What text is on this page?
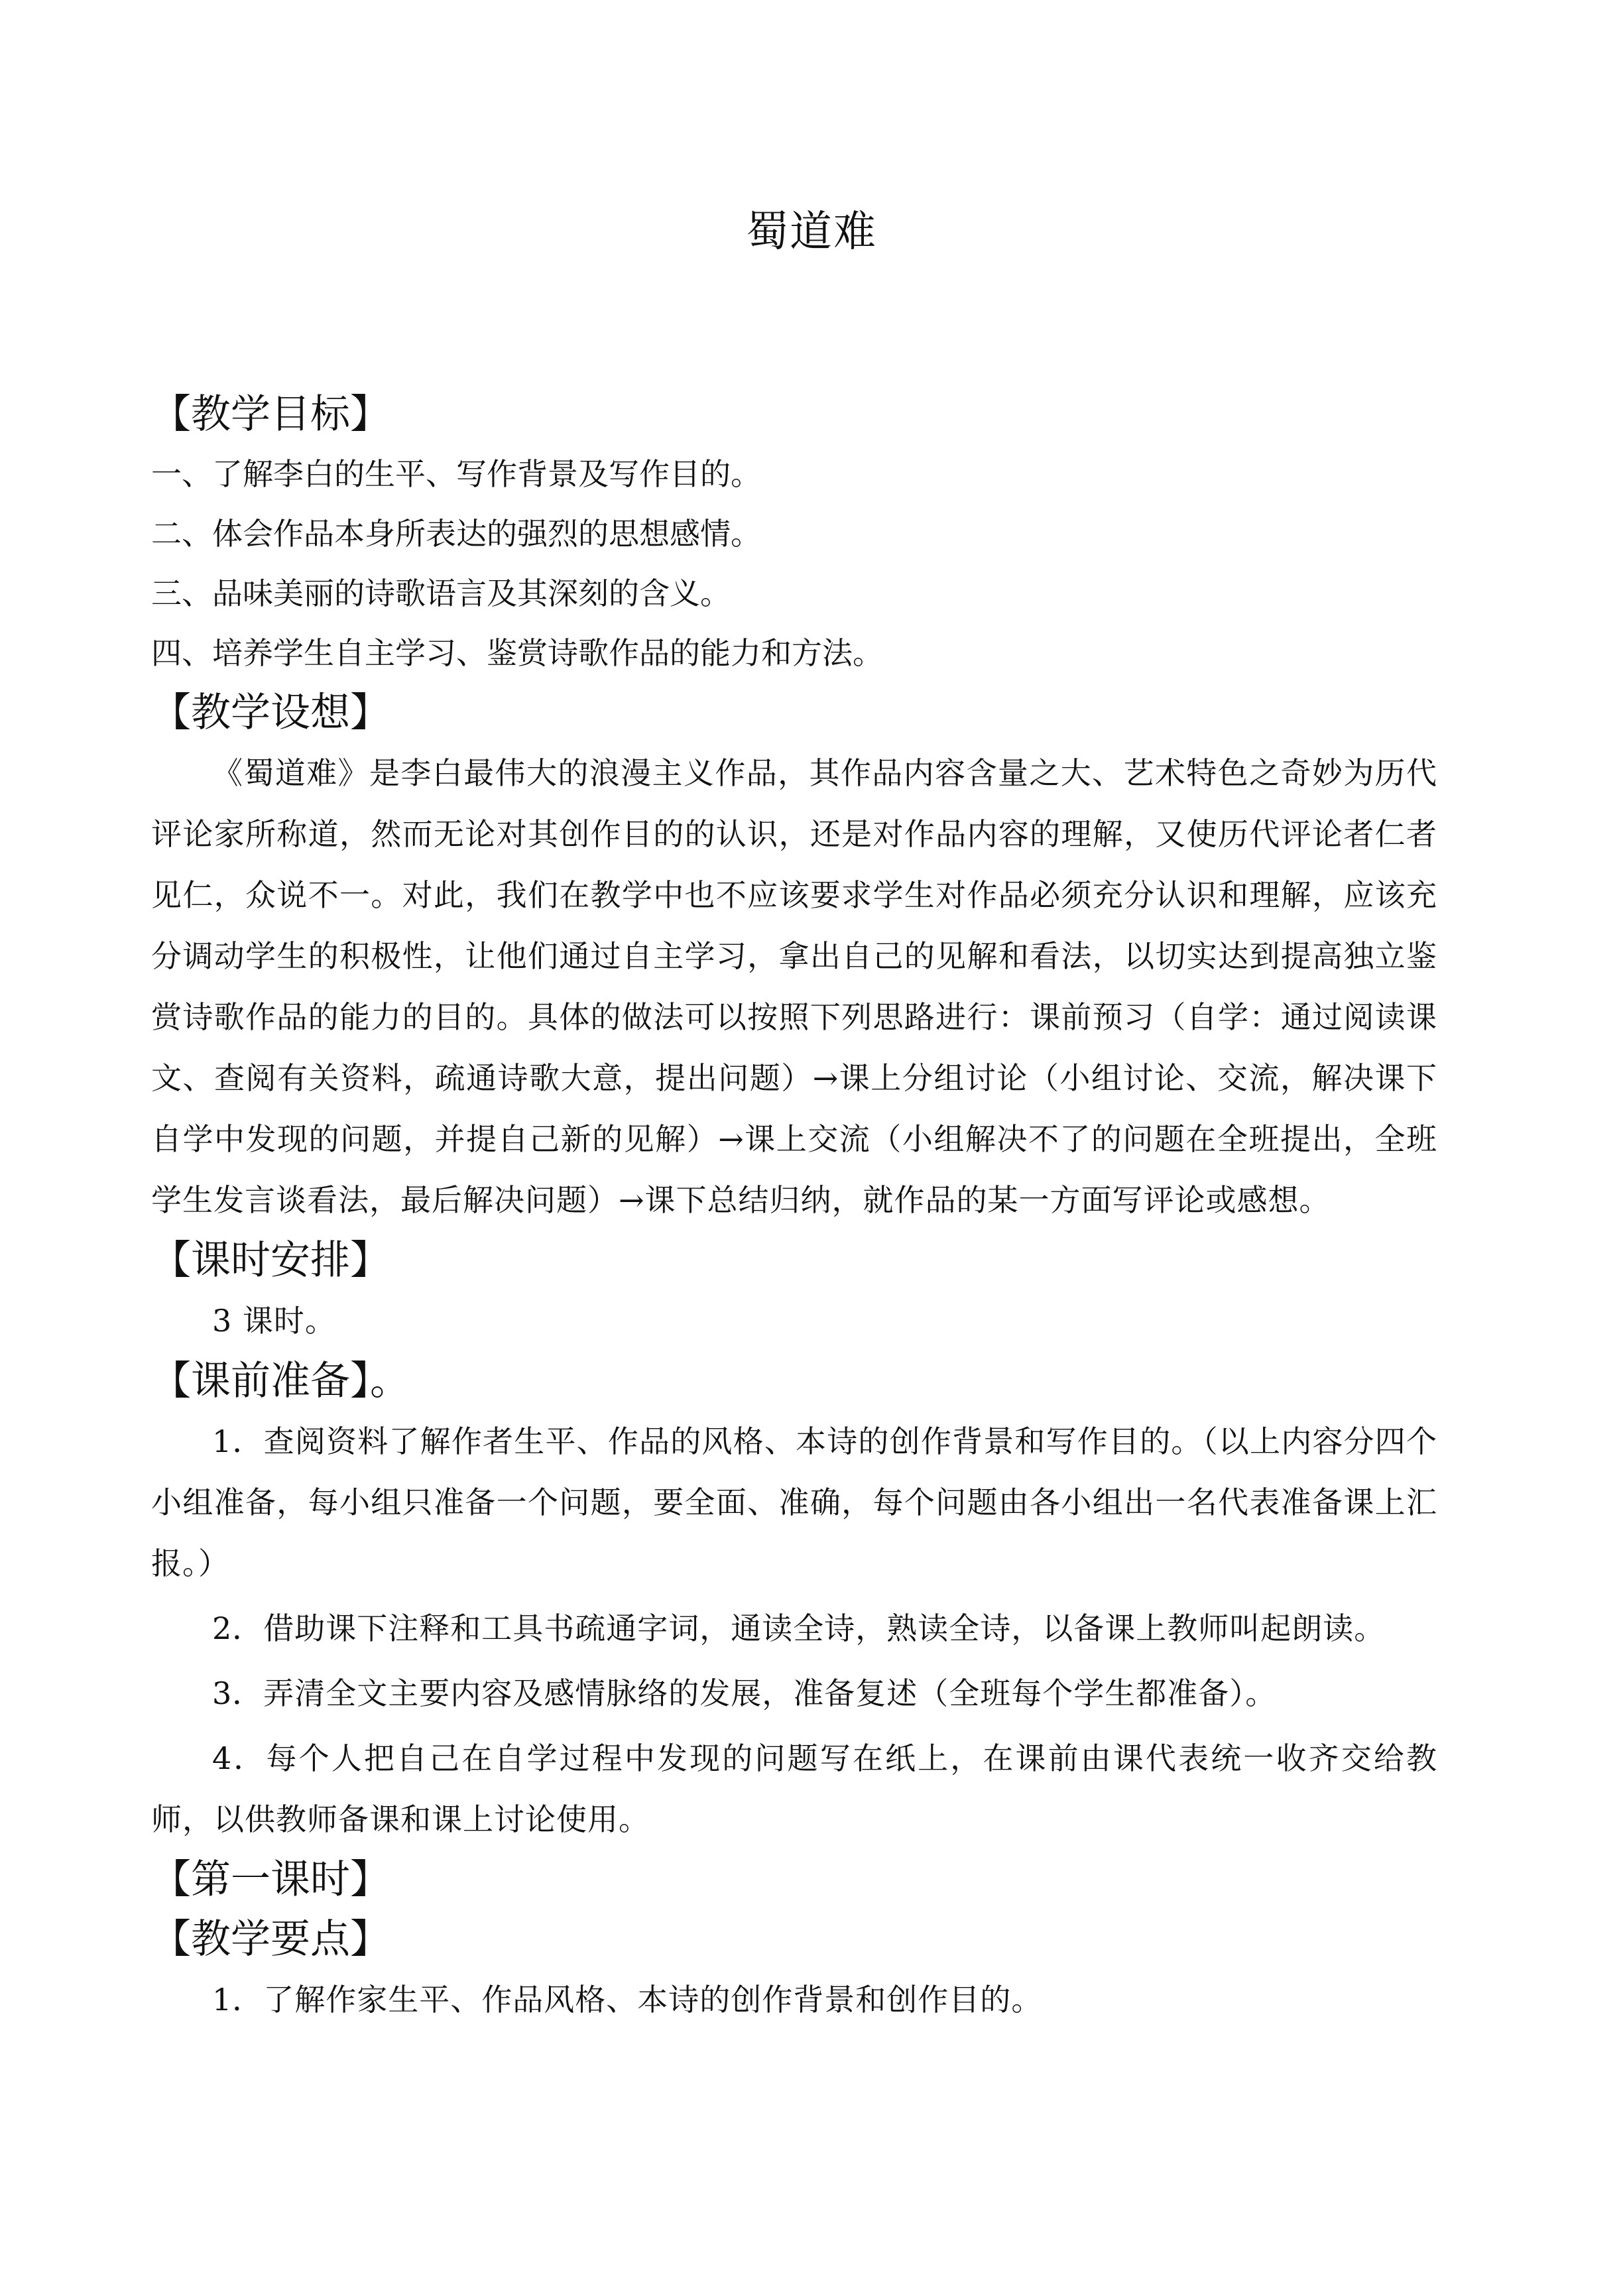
蜀道难
【教学目标】
一、了解李白的生平、写作背景及写作目的。
二、体会作品本身所表达的强烈的思想感情。
三、品味美丽的诗歌语言及其深刻的含义。
四、培养学生自主学习、鉴赏诗歌作品的能力和方法。
【教学设想】
《蜀道难》是李白最伟大的浪漫主义作品，其作品内容含量之大、艺术特色之奇妙为历代评论家所称道，然而无论对其创作目的的认识，还是对作品内容的理解，又使历代评论者仁者见仁，众说不一。对此，我们在教学中也不应该要求学生对作品必须充分认识和理解，应该充分调动学生的积极性，让他们通过自主学习，拿出自己的见解和看法，以切实达到提高独立鉴赏诗歌作品的能力的目的。具体的做法可以按照下列思路进行：课前预习（自学：通过阅读课文、查阅有关资料，疏通诗歌大意，提出问题）→课上分组讨论（小组讨论、交流，解决课下自学中发现的问题，并提自己新的见解）→课上交流（小组解决不了的问题在全班提出，全班学生发言谈看法，最后解决问题）→课下总结归纳，就作品的某一方面写评论或感想。
【课时安排】
3 课时。
【课前准备】。
1．查阅资料了解作者生平、作品的风格、本诗的创作背景和写作目的。（以上内容分四个小组准备，每小组只准备一个问题，要全面、准确，每个问题由各小组出一名代表准备课上汇报。）
2．借助课下注释和工具书疏通字词，通读全诗，熟读全诗，以备课上教师叫起朗读。
3．弄清全文主要内容及感情脉络的发展，准备复述（全班每个学生都准备）。
4．每个人把自己在自学过程中发现的问题写在纸上，在课前由课代表统一收齐交给教师，以供教师备课和课上讨论使用。
【第一课时】
【教学要点】
1．了解作家生平、作品风格、本诗的创作背景和创作目的。
